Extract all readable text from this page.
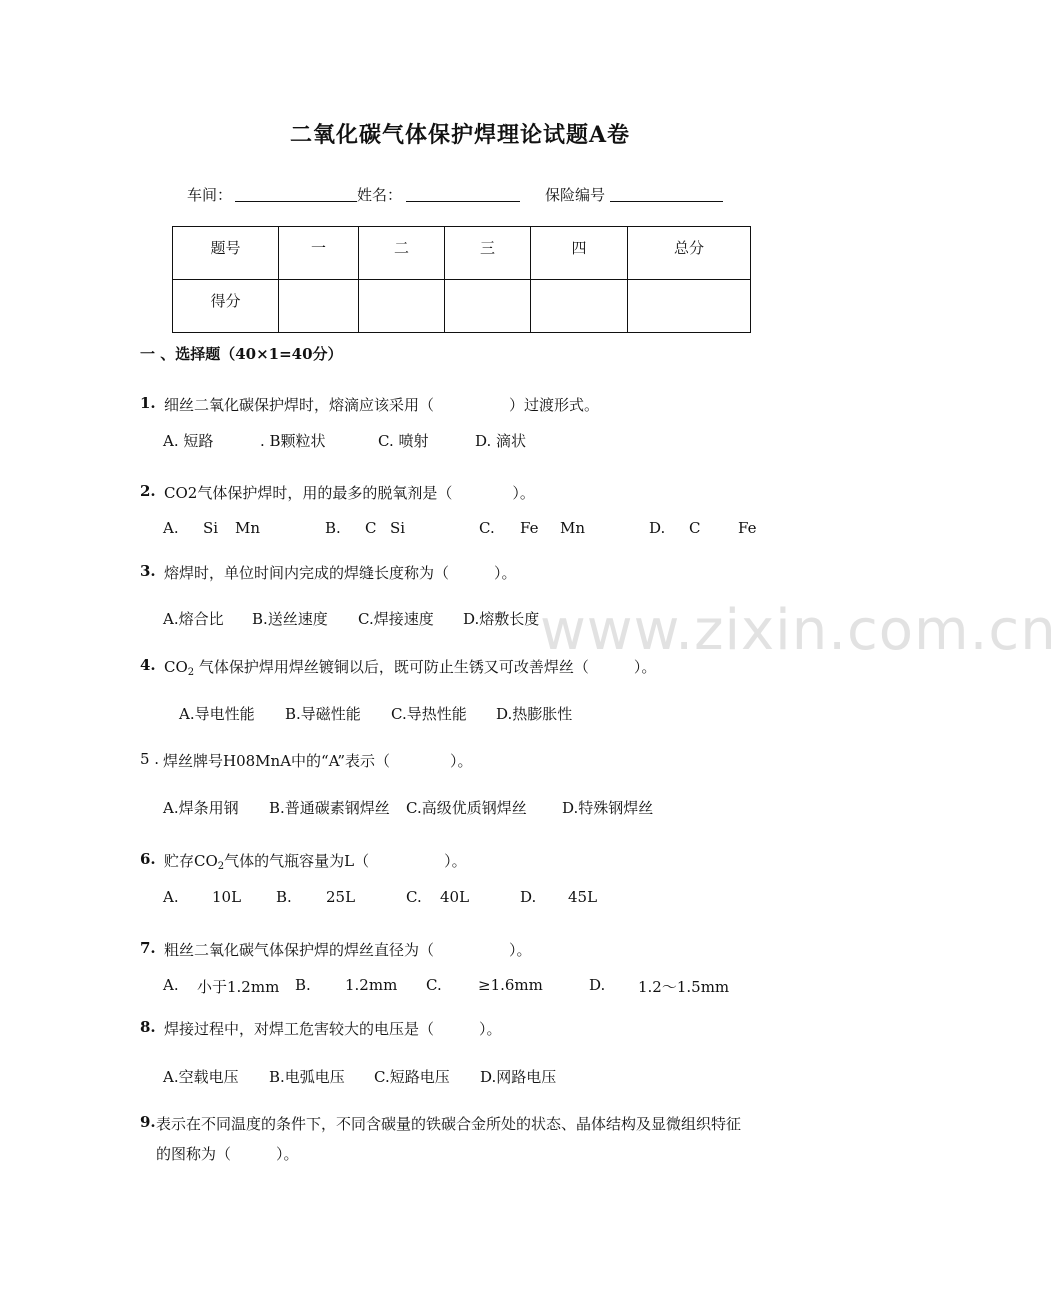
www.zixin.com.cn
二氧化碳气体保护焊理论试题A卷
车间：	姓名：	保险编号
题号	一	二	三	四	总分
得分					
一 、选择题（40×1=40分）
1. 细丝二氧化碳保护焊时，熔滴应该采用（　　　　　）过渡形式。
A. 短路	. B颗粒状	C. 喷射	D. 滴状
2. CO2气体保护焊时，用的最多的脱氧剂是（　　　　）。
A. Si Mn	B. C Si	C. Fe Mn	D. C	Fe
3. 熔焊时，单位时间内完成的焊缝长度称为（　　　）。
A.熔合比 B.送丝速度 C.焊接速度 D.熔敷长度
4. $CO_2$ 气体保护焊用焊丝镀铜以后，既可防止生锈又可改善焊丝（　　　）。
A.导电性能 B.导磁性能 C.导热性能 D.热膨胀性
5 . 焊丝牌号H08MnA中的“A”表示（　　　　）。
A.焊条用钢 B.普通碳素钢焊丝 C.高级优质钢焊丝 D.特殊钢焊丝
6. 贮存$CO_2$气体的气瓶容量为L（　　　　　）。
A. 10L B. 25L	C. 40L	D. 45L
7. 粗丝二氧化碳气体保护焊的焊丝直径为（　　　　　）。
A. 小于1.2mm B. 1.2mm C. ≥1.6mm	D. 1.2～1.5mm
8. 焊接过程中，对焊工危害较大的电压是（　　　）。
A.空载电压 B.电弧电压 C.短路电压 D.网路电压
9. 表示在不同温度的条件下，不同含碳量的铁碳合金所处的状态、晶体结构及显微组织特征
的图称为（　　　）。
